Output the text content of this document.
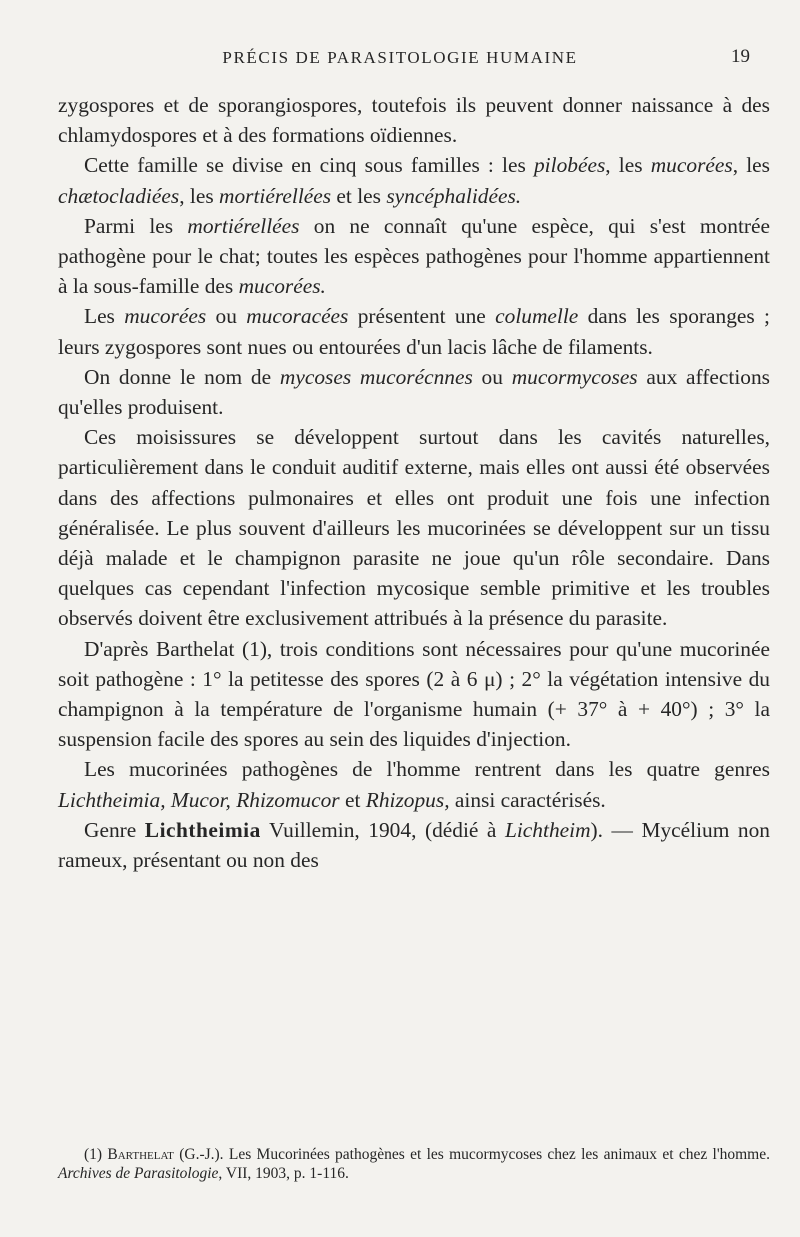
PRÉCIS DE PARASITOLOGIE HUMAINE	19

zygospores et de sporangiospores, toutefois ils peuvent donner naissance à des chlamydospores et à des formations oïdiennes.

Cette famille se divise en cinq sous familles : les pilobées, les mucorées, les chætocladiées, les mortiérellées et les syncéphalidées.

Parmi les mortiérellées on ne connaît qu'une espèce, qui s'est montrée pathogène pour le chat; toutes les espèces pathogènes pour l'homme appartiennent à la sous-famille des mucorées.

Les mucorées ou mucoracées présentent une columelle dans les sporanges ; leurs zygospores sont nues ou entourées d'un lacis lâche de filaments.

On donne le nom de mycoses mucorécnnes ou mucormycoses aux affections qu'elles produisent.

Ces moisissures se développent surtout dans les cavités naturelles, particulièrement dans le conduit auditif externe, mais elles ont aussi été observées dans des affections pulmonaires et elles ont produit une fois une infection généralisée. Le plus souvent d'ailleurs les mucorinées se développent sur un tissu déjà malade et le champignon parasite ne joue qu'un rôle secondaire. Dans quelques cas cependant l'infection mycosique semble primitive et les troubles observés doivent être exclusivement attribués à la présence du parasite.

D'après Barthelat (1), trois conditions sont nécessaires pour qu'une mucorinée soit pathogène : 1° la petitesse des spores (2 à 6 μ) ; 2° la végétation intensive du champignon à la température de l'organisme humain (+ 37° à + 40°) ; 3° la suspension facile des spores au sein des liquides d'injection.

Les mucorinées pathogènes de l'homme rentrent dans les quatre genres Lichtheimia, Mucor, Rhizomucor et Rhizopus, ainsi caractérisés.

Genre Lichtheimia Vuillemin, 1904, (dédié à Lichtheim). — Mycélium non rameux, présentant ou non des

(1) Barthelat (G.-J.). Les Mucorinées pathogènes et les mucormycoses chez les animaux et chez l'homme. Archives de Parasitologie, VII, 1903, p. 1-116.
